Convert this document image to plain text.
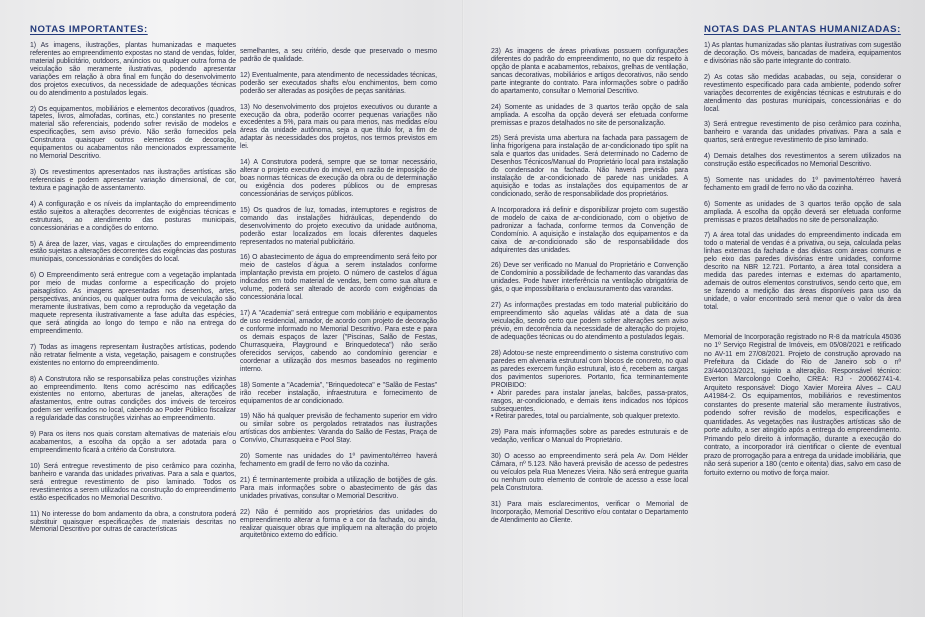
NOTAS IMPORTANTES:

1) As imagens, ilustrações, plantas humanizadas e maquetes referentes ao empreendimento expostas no stand de vendas, folder, material publicitário, outdoors, anúncios ou qualquer outra forma de veiculação são meramente ilustrativas, podendo apresentar variações em relação à obra final em função do desenvolvimento dos projetos executivos, da necessidade de adequações técnicas ou do atendimento a postulados legais.

2) Os equipamentos, mobiliários e elementos decorativos (quadros, tapetes, livros, almofadas, cortinas, etc.) constantes no presente material são referenciais, podendo sofrer revisão de modelos e especificações, sem aviso prévio. Não serão fornecidos pela Construtora quaisquer outros elementos de decoração, equipamentos ou acabamentos não mencionados expressamente no Memorial Descritivo.

3) Os revestimentos apresentados nas ilustrações artísticas são referenciais e podem apresentar variação dimensional, de cor, textura e paginação de assentamento.

4) A configuração e os níveis da implantação do empreendimento estão sujeitos a alterações decorrentes de exigências técnicas e estruturais, ao atendimento das posturas municipais, concessionárias e a condições do entorno.

5) A área de lazer, vias, vagas e circulações do empreendimento estão sujeitas a alterações decorrentes das exigências das posturas municipais, concessionárias e condições do local.

6) O Empreendimento será entregue com a vegetação implantada por meio de mudas conforme a especificação do projeto paisagístico. As imagens apresentadas nos desenhos, artes, perspectivas, anúncios, ou qualquer outra forma de veiculação são meramente ilustrativas, bem como a reprodução da vegetação da maquete representa ilustrativamente a fase adulta das espécies, que será atingida ao longo do tempo e não na entrega do empreendimento.

7) Todas as imagens representam ilustrações artísticas, podendo não retratar fielmente a vista, vegetação, paisagem e construções existentes no entorno do empreendimento.

8) A Construtora não se responsabiliza pelas construções vizinhas ao empreendimento. Itens como acréscimo nas edificações existentes no entorno, aberturas de janelas, alterações de afastamentos, entre outras condições dos imóveis de terceiros podem ser verificados no local, cabendo ao Poder Público fiscalizar a regularidade das construções vizinhas ao empreendimento.

9) Para os itens nos quais constam alternativas de materiais e/ou acabamentos, a escolha da opção a ser adotada para o empreendimento ficará a critério da Construtora.

10) Será entregue revestimento de piso cerâmico para cozinha, banheiro e varanda das unidades privativas. Para a sala e quartos, será entregue revestimento de piso laminado. Todos os revestimentos a serem utilizados na construção do empreendimento estão especificados no Memorial Descritivo.

11) No interesse do bom andamento da obra, a construtora poderá substituir quaisquer especificações de materiais descritas no Memorial Descritivo por outras de características

semelhantes, a seu critério, desde que preservado o mesmo padrão de qualidade.

12) Eventualmente, para atendimento de necessidades técnicas, poderão ser executados shafts e/ou enchimentos, bem como poderão ser alteradas as posições de peças sanitárias.

13) No desenvolvimento dos projetos executivos ou durante a execução da obra, poderão ocorrer pequenas variações não excedentes a 5%, para mais ou para menos, nas medidas e/ou áreas da unidade autônoma, seja a que título for, a fim de adaptar às necessidades dos projetos, nos termos previstos em lei.

14) A Construtora poderá, sempre que se tornar necessário, alterar o projeto executivo do imóvel, em razão de imposição de boas normas técnicas de execução da obra ou de determinação ou exigência dos poderes públicos ou de empresas concessionárias de serviços públicos.

15) Os quadros de luz, tomadas, interruptores e registros de comando das instalações hidráulicas, dependendo do desenvolvimento do projeto executivo da unidade autônoma, poderão estar localizados em locais diferentes daqueles representados no material publicitário.

16) O abastecimento de água do empreendimento será feito por meio de castelos d´água a serem instalados conforme implantação prevista em projeto. O número de castelos d´água indicados em todo material de vendas, bem como sua altura e volume, poderá ser alterado de acordo com exigências da concessionária local.

17) A "Academia" será entregue com mobiliário e equipamentos de uso residencial, amador, de acordo com projeto de decoração e conforme informado no Memorial Descritivo. Para este e para os demais espaços de lazer ("Piscinas, Salão de Festas, Churrasqueira, Playground e Brinquedoteca") não serão oferecidos serviços, cabendo ao condomínio gerenciar e coordenar a utilização dos mesmos baseados no regimento interno.

18) Somente a "Academia", "Brinquedoteca" e "Salão de Festas" irão receber instalação, infraestrutura e fornecimento de equipamentos de ar condicionado.

19) Não há qualquer previsão de fechamento superior em vidro ou similar sobre os pergolados retratados nas ilustrações artísticas dos ambientes: Varanda do Salão de Festas, Praça de Convívio, Churrasqueira e Pool Stay.

20) Somente nas unidades do 1º pavimento/térreo haverá fechamento em gradil de ferro no vão da cozinha.

21) É terminantemente proibida a utilização de botijões de gás. Para mais informações sobre o abastecimento de gás das unidades privativas, consultar o Memorial Descritivo.

22) Não é permitido aos proprietários das unidades do empreendimento alterar a forma e a cor da fachada, ou ainda, realizar quaisquer obras que impliquem na alteração do projeto arquitetônico externo do edifício.

23) As imagens de áreas privativas possuem configurações diferentes do padrão do empreendimento, no que diz respeito à opção de planta e acabamentos, rebaixos, grelhas de ventilação, sancas decorativas, mobiliários e artigos decorativos, não sendo parte integrante do contrato. Para informações sobre o padrão do apartamento, consultar o Memorial Descritivo.

24) Somente as unidades de 3 quartos terão opção de sala ampliada. A escolha da opção deverá ser efetuada conforme premissas e prazos detalhados no site de personalização.

25) Será prevista uma abertura na fachada para passagem de linha frigorígena para instalação de ar-condicionado tipo split na sala e quartos das unidades. Será determinado no Caderno de Desenhos Técnicos/Manual do Proprietário local para instalação do condensador na fachada. Não haverá previsão para instalação de ar-condicionado de parede nas unidades. A aquisição e todas as instalações dos equipamentos de ar condicionado, serão de responsabilidade dos proprietários.

A Incorporadora irá definir e disponibilizar projeto com sugestão de modelo de caixa de ar-condicionado, com o objetivo de padronizar a fachada, conforme termos da Convenção de Condomínio. A aquisição e instalação dos equipamentos e da caixa de ar-condicionado são de responsabilidade dos adquirentes das unidades.

26) Deve ser verificado no Manual do Proprietário e Convenção de Condomínio a possibilidade de fechamento das varandas das unidades. Pode haver interferência na ventilação obrigatória de gás, o que impossibilitaria o enclausuramento das varandas.

27) As informações prestadas em todo material publicitário do empreendimento são aquelas válidas até a data de sua veiculação, sendo certo que podem sofrer alterações sem aviso prévio, em decorrência da necessidade de alteração do projeto, de adequações técnicas ou do atendimento a postulados legais.

28) Adotou-se neste empreendimento o sistema construtivo com paredes em alvenaria estrutural com blocos de concreto, no qual as paredes exercem função estrutural, isto é, recebem as cargas dos pavimentos superiores. Portanto, fica terminantemente PROIBIDO:
• Abrir paredes para instalar janelas, balcões, passa-pratos, rasgos, ar-condicionado, e demais itens indicados nos tópicos subsequentes.
• Retirar paredes, total ou parcialmente, sob qualquer pretexto.

29) Para mais informações sobre as paredes estruturais e de vedação, verificar o Manual do Proprietário.

30) O acesso ao empreendimento será pela Av. Dom Hélder Câmara, nº 5.123. Não haverá previsão de acesso de pedestres ou veículos pela Rua Menezes Vieira. Não será entregue guarita ou nenhum outro elemento de controle de acesso a esse local pela Construtora.

31) Para mais esclarecimentos, verificar o Memorial de Incorporação, Memorial Descritivo e/ou contatar o Departamento de Atendimento ao Cliente.

NOTAS DAS PLANTAS HUMANIZADAS:

1) As plantas humanizadas são plantas ilustrativas com sugestão de decoração. Os móveis, bancadas de madeira, equipamentos e divisórias não são parte integrante do contrato.

2) As cotas são medidas acabadas, ou seja, considerar o revestimento especificado para cada ambiente, podendo sofrer variações decorrentes de exigências técnicas e estruturais e do atendimento das posturas municipais, concessionárias e do local.

3) Será entregue revestimento de piso cerâmico para cozinha, banheiro e varanda das unidades privativas. Para a sala e quartos, será entregue revestimento de piso laminado.

4) Demais detalhes dos revestimentos a serem utilizados na construção estão especificados no Memorial Descritivo.

5) Somente nas unidades do 1º pavimento/térreo haverá fechamento em gradil de ferro no vão da cozinha.

6) Somente as unidades de 3 quartos terão opção de sala ampliada. A escolha da opção deverá ser efetuada conforme premissas e prazos detalhados no site de personalização.

7) A área total das unidades do empreendimento indicada em todo o material de vendas é a privativa, ou seja, calculada pelas linhas externas da fachada e das divisas com áreas comuns e pelo eixo das paredes divisórias entre unidades, conforme descrito na NBR 12.721. Portanto, a área total considera a medida das paredes internas e externas do apartamento, ademais de outros elementos construtivos, sendo certo que, em se fazendo a medição das áreas disponíveis para uso da unidade, o valor encontrado será menor que o valor da área total.

Memorial de Incorporação registrado no R-8 da matrícula 45036 no 1º Serviço Registral de Imóveis, em 05/08/2021 e retificado no AV-11 em 27/08/2021. Projeto de construção aprovado na Prefeitura da Cidade do Rio de Janeiro sob o nº 23/440013/2021, sujeito a alteração. Responsável técnico: Everton Marcolongo Coelho, CREA: RJ - 200662741-4. Arquiteto responsável: Diogo Xavier Moreira Alves – CAU A41984-2. Os equipamentos, mobiliários e revestimentos constantes do presente material são meramente ilustrativos, podendo sofrer revisão de modelos, especificações e quantidades. As vegetações nas ilustrações artísticas são de porte adulto, a ser atingido após a entrega do empreendimento. Primando pelo direito à informação, durante a execução do contrato, a incorporador irá cientificar o cliente de eventual prazo de prorrogação para a entrega da unidade imobiliária, que não será superior a 180 (cento e oitenta) dias, salvo em caso de fortuito externo ou motivo de força maior.
